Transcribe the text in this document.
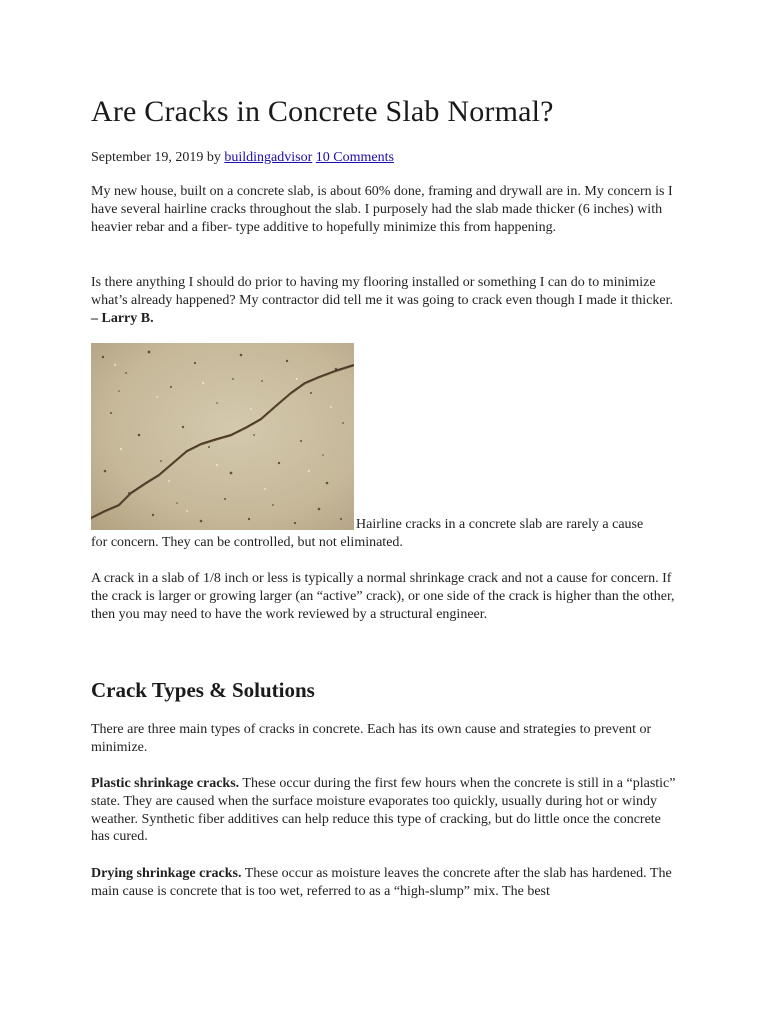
Are Cracks in Concrete Slab Normal?
September 19, 2019 by buildingadvisor 10 Comments

My new house, built on a concrete slab, is about 60% done, framing and drywall are in. My concern is I have several hairline cracks throughout the slab. I purposely had the slab made thicker (6 inches) with heavier rebar and a fiber- type additive to hopefully minimize this from happening.

Is there anything I should do prior to having my flooring installed or something I can do to minimize what’s already happened? My contractor did tell me it was going to crack even though I made it thicker. – Larry B.

Hairline cracks in a concrete slab are rarely a cause
for concern. They can be controlled, but not eliminated.

A crack in a slab of 1/8 inch or less is typically a normal shrinkage crack and not a cause for concern. If the crack is larger or growing larger (an “active” crack), or one side of the crack is higher than the other, then you may need to have the work reviewed by a structural engineer.

Crack Types & Solutions

There are three main types of cracks in concrete. Each has its own cause and strategies to prevent or minimize.

Plastic shrinkage cracks. These occur during the first few hours when the concrete is still in a “plastic” state. They are caused when the surface moisture evaporates too quickly, usually during hot or windy weather. Synthetic fiber additives can help reduce this type of cracking, but do little once the concrete has cured.

Drying shrinkage cracks. These occur as moisture leaves the concrete after the slab has hardened. The main cause is concrete that is too wet, referred to as a “high-slump” mix. The best
